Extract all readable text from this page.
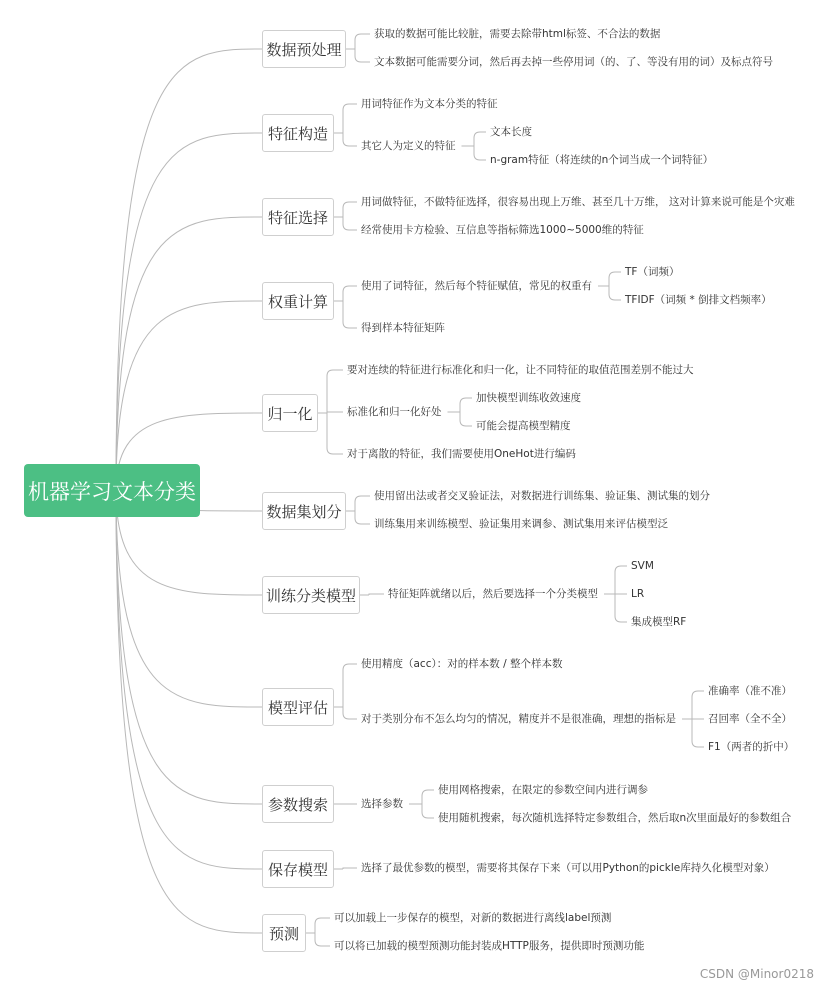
机器学习文本分类
数据预处理
获取的数据可能比较脏，需要去除带html标签、不合法的数据
文本数据可能需要分词，然后再去掉一些停用词（的、了、等没有用的词）及标点符号
特征构造
用词特征作为文本分类的特征
其它人为定义的特征
文本长度
n-gram特征（将连续的n个词当成一个词特征）
特征选择
用词做特征，不做特征选择，很容易出现上万维、甚至几十万维， 这对计算来说可能是个灾难
经常使用卡方检验、互信息等指标筛选1000~5000维的特征
权重计算
使用了词特征，然后每个特征赋值，常见的权重有
TF（词频）
TFIDF（词频 * 倒排文档频率）
得到样本特征矩阵
归一化
要对连续的特征进行标准化和归一化，让不同特征的取值范围差别不能过大
标准化和归一化好处
加快模型训练收敛速度
可能会提高模型精度
对于离散的特征，我们需要使用OneHot进行编码
数据集划分
使用留出法或者交叉验证法，对数据进行训练集、验证集、测试集的划分
训练集用来训练模型、验证集用来调参、测试集用来评估模型泛
训练分类模型	特征矩阵就绪以后，然后要选择一个分类模型
SVM
LR
集成模型RF
模型评估
使用精度（acc）：对的样本数 / 整个样本数
对于类别分布不怎么均匀的情况，精度并不是很准确，理想的指标是
准确率（准不准）
召回率（全不全）
F1（两者的折中）
参数搜索	选择参数
使用网格搜索，在限定的参数空间内进行调参
使用随机搜索，每次随机选择特定参数组合，然后取n次里面最好的参数组合
保存模型	选择了最优参数的模型，需要将其保存下来（可以用Python的pickle库持久化模型对象）
预测
可以加载上一步保存的模型，对新的数据进行离线label预测
可以将已加载的模型预测功能封装成HTTP服务，提供即时预测功能
CSDN @Minor0218
